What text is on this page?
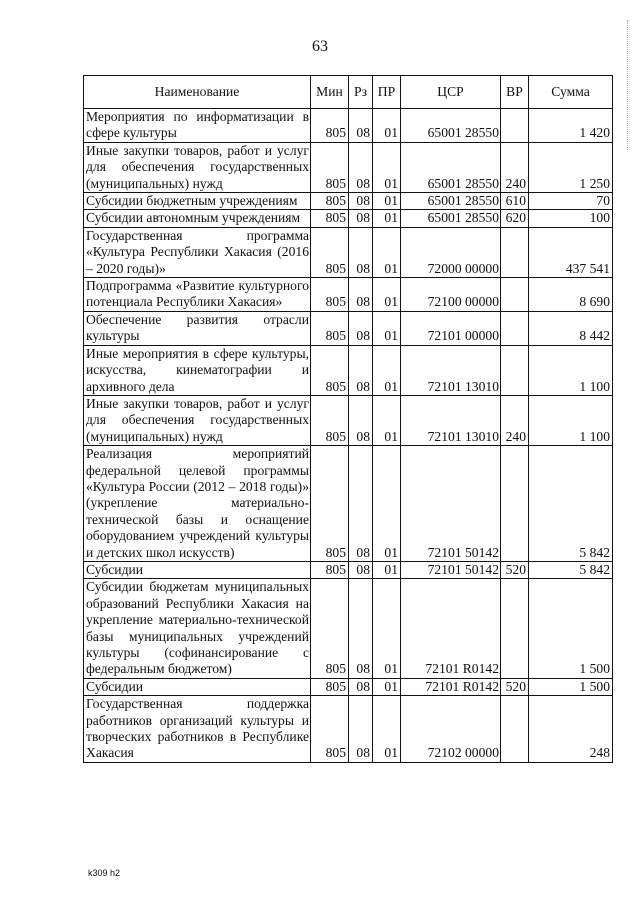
63
Наименование	Мин	Рз	ПР	ЦСР	ВР	Сумма
Мероприятия по информатизации в сфере культуры	805	08	01	65001 28550		1 420
Иные закупки товаров, работ и услуг для обеспечения государственных (муниципальных) нужд	805	08	01	65001 28550	240	1 250
Субсидии бюджетным учреждениям	805	08	01	65001 28550	610	70
Субсидии автономным учреждениям	805	08	01	65001 28550	620	100
Государственная программа «Культура Республики Хакасия (2016 – 2020 годы)»	805	08	01	72000 00000		437 541
Подпрограмма «Развитие культурного потенциала Республики Хакасия»	805	08	01	72100 00000		8 690
Обеспечение развития отрасли культуры	805	08	01	72101 00000		8 442
Иные мероприятия в сфере культуры, искусства, кинематографии и архивного дела	805	08	01	72101 13010		1 100
Иные закупки товаров, работ и услуг для обеспечения государственных (муниципальных) нужд	805	08	01	72101 13010	240	1 100
Реализация мероприятий федеральной целевой программы «Культура России (2012 – 2018 годы)» (укрепление материально-технической базы и оснащение оборудованием учреждений культуры и детских школ искусств)	805	08	01	72101 50142		5 842
Субсидии	805	08	01	72101 50142	520	5 842
Субсидии бюджетам муниципальных образований Республики Хакасия на укрепление материально-технической базы муниципальных учреждений культуры (софинансирование с федеральным бюджетом)	805	08	01	72101 R0142		1 500
Субсидии	805	08	01	72101 R0142	520	1 500
Государственная поддержка работников организаций культуры и творческих работников в Республике Хакасия	805	08	01	72102 00000		248
k309 h2
